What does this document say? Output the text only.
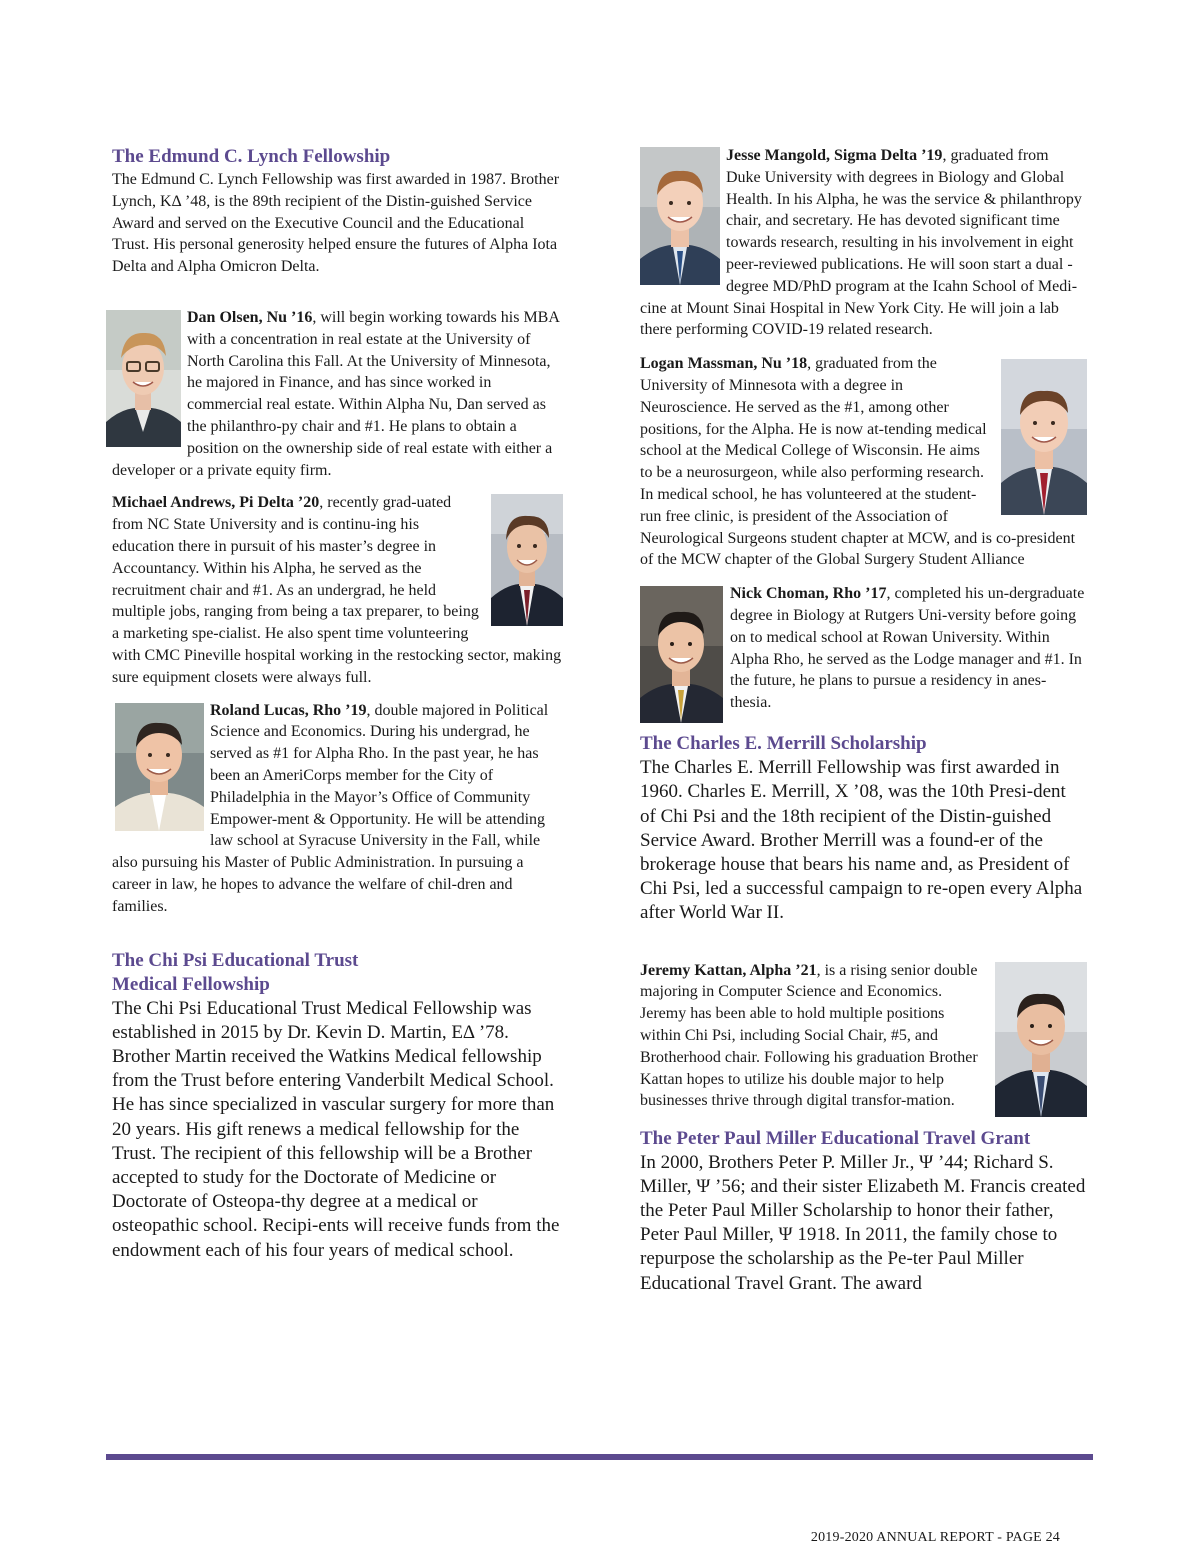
The Edmund C. Lynch Fellowship

The Edmund C. Lynch Fellowship was first awarded in 1987. Brother Lynch, KΔ ’48, is the 89th recipient of the Distin-guished Service Award and served on the Executive Council and the Educational Trust. His personal generosity helped ensure the futures of Alpha Iota Delta and Alpha Omicron Delta.

Dan Olsen, Nu ’16, will begin working towards his MBA with a concentration in real estate at the University of North Carolina this Fall. At the University of Minnesota, he majored in Finance, and has since worked in commercial real estate. Within Alpha Nu, Dan served as the philanthro-py chair and #1. He plans to obtain a position on the ownership side of real estate with either a developer or a private equity firm.

Michael Andrews, Pi Delta ’20, recently grad-uated from NC State University and is continu-ing his education there in pursuit of his master’s degree in Accountancy. Within his Alpha, he served as the recruitment chair and #1. As an undergrad, he held multiple jobs, ranging from being a tax preparer, to being a marketing spe-cialist. He also spent time volunteering with CMC Pineville hospital working in the restocking sector, making sure equipment closets were always full.

Roland Lucas, Rho ’19, double majored in Political Science and Economics. During his undergrad, he served as #1 for Alpha Rho. In the past year, he has been an AmeriCorps member for the City of Philadelphia in the Mayor’s Office of Community Empower-ment & Opportunity. He will be attending law school at Syracuse University in the Fall, while also pursuing his Master of Public Administration. In pursuing a career in law, he hopes to advance the welfare of chil-dren and families.

The Chi Psi Educational Trust
Medical Fellowship

The Chi Psi Educational Trust Medical Fellowship was established in 2015 by Dr. Kevin D. Martin, EΔ ’78. Brother Martin received the Watkins Medical fellowship from the Trust before entering Vanderbilt Medical School. He has since specialized in vascular surgery for more than 20 years. His gift renews a medical fellowship for the Trust. The recipient of this fellowship will be a Brother accepted to study for the Doctorate of Medicine or Doctorate of Osteopa-thy degree at a medical or osteopathic school. Recipi-ents will receive funds from the endowment each of his four years of medical school.

Jesse Mangold, Sigma Delta ’19, graduated from Duke University with degrees in Biology and Global Health. In his Alpha, he was the service & philanthropy chair, and secretary. He has devoted significant time towards research, resulting in his involvement in eight peer-reviewed publications. He will soon start a dual -degree MD/PhD program at the Icahn School of Medi-cine at Mount Sinai Hospital in New York City. He will join a lab there performing COVID-19 related research.

Logan Massman, Nu ’18, graduated from the University of Minnesota with a degree in Neuroscience. He served as the #1, among other positions, for the Alpha. He is now at-tending medical school at the Medical College of Wisconsin. He aims to be a neurosurgeon, while also performing research. In medical school, he has volunteered at the student-run free clinic, is president of the Association of Neurological Surgeons student chapter at MCW, and is co-president of the MCW chapter of the Global Surgery Student Alliance

Nick Choman, Rho ’17, completed his un-dergraduate degree in Biology at Rutgers Uni-versity before going on to medical school at Rowan University. Within Alpha Rho, he served as the Lodge manager and #1. In the future, he plans to pursue a residency in anes-thesia.

The Charles E. Merrill Scholarship

The Charles E. Merrill Fellowship was first awarded in 1960. Charles E. Merrill, X ’08, was the 10th Presi-dent of Chi Psi and the 18th recipient of the Distin-guished Service Award. Brother Merrill was a found-er of the brokerage house that bears his name and, as President of Chi Psi, led a successful campaign to re-open every Alpha after World War II.

Jeremy Kattan, Alpha ’21, is a rising senior double majoring in Computer Science and Economics. Jeremy has been able to hold multiple positions within Chi Psi, including Social Chair, #5, and Brotherhood chair. Following his graduation Brother Kattan hopes to utilize his double major to help businesses thrive through digital transfor-mation.

The Peter Paul Miller Educational Travel Grant

In 2000, Brothers Peter P. Miller Jr., Ψ ’44; Richard S. Miller, Ψ ’56; and their sister Elizabeth M. Francis created the Peter Paul Miller Scholarship to honor their father, Peter Paul Miller, Ψ 1918. In 2011, the family chose to repurpose the scholarship as the Pe-ter Paul Miller Educational Travel Grant. The award

2019-2020 ANNUAL REPORT - PAGE 24
